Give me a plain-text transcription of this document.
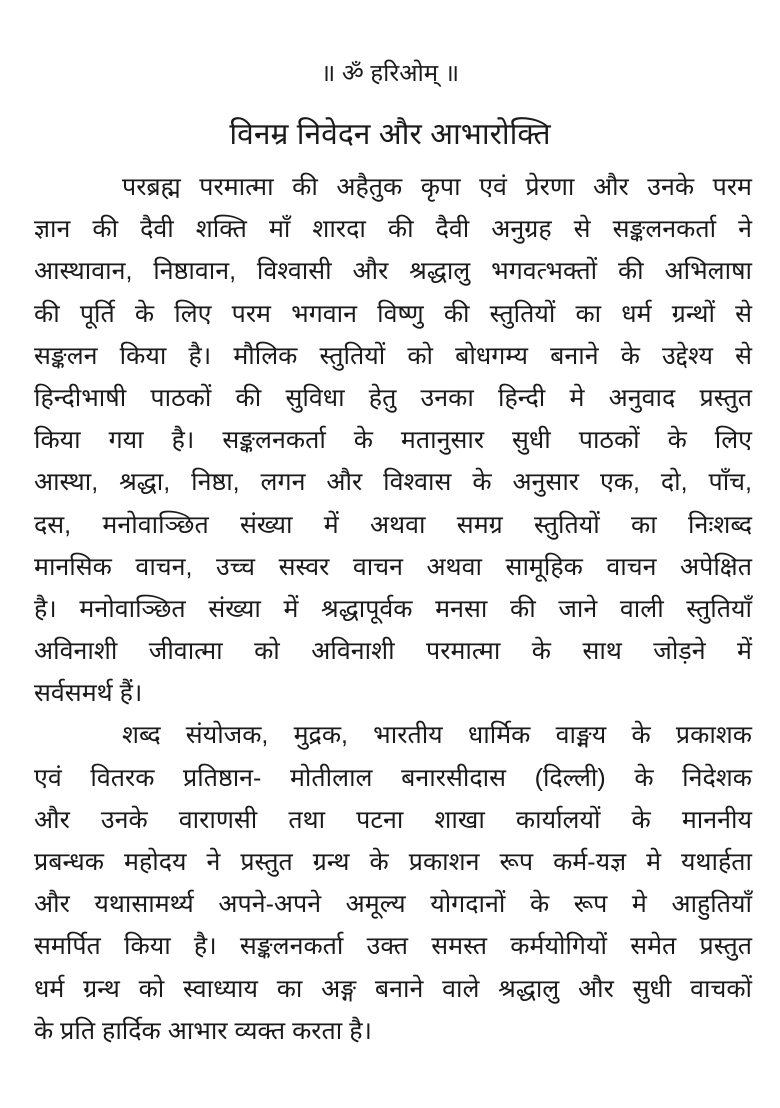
॥ ॐ हरिओम् ॥
विनम्र निवेदन और आभारोक्ति
परब्रह्म परमात्मा की अहैतुक कृपा एवं प्रेरणा और उनके परम
ज्ञान की दैवी शक्ति माँ शारदा की दैवी अनुग्रह से सङ्कलनकर्ता ने
आस्थावान, निष्ठावान, विश्वासी और श्रद्धालु भगवत्भक्तों की अभिलाषा
की पूर्ति के लिए परम भगवान विष्णु की स्तुतियों का धर्म ग्रन्थों से
सङ्कलन किया है। मौलिक स्तुतियों को बोधगम्य बनाने के उद्देश्य से
हिन्दीभाषी पाठकों की सुविधा हेतु उनका हिन्दी मे अनुवाद प्रस्तुत
किया गया है। सङ्कलनकर्ता के मतानुसार सुधी पाठकों के लिए
आस्था, श्रद्धा, निष्ठा, लगन और विश्वास के अनुसार एक, दो, पाँच,
दस, मनोवाञ्छित संख्या में अथवा समग्र स्तुतियों का निःशब्द
मानसिक वाचन, उच्च सस्वर वाचन अथवा सामूहिक वाचन अपेक्षित
है। मनोवाञ्छित संख्या में श्रद्धापूर्वक मनसा की जाने वाली स्तुतियाँ
अविनाशी जीवात्मा को अविनाशी परमात्मा के साथ जोड़ने में
सर्वसमर्थ हैं।
शब्द संयोजक, मुद्रक, भारतीय धार्मिक वाङ्मय के प्रकाशक
एवं वितरक प्रतिष्ठान- मोतीलाल बनारसीदास (दिल्ली) के निदेशक
और उनके वाराणसी तथा पटना शाखा कार्यालयों के माननीय
प्रबन्धक महोदय ने प्रस्तुत ग्रन्थ के प्रकाशन रूप कर्म-यज्ञ मे यथार्हता
और यथासामर्थ्य अपने-अपने अमूल्य योगदानों के रूप मे आहुतियाँ
समर्पित किया है। सङ्कलनकर्ता उक्त समस्त कर्मयोगियों समेत प्रस्तुत
धर्म ग्रन्थ को स्वाध्याय का अङ्ग बनाने वाले श्रद्धालु और सुधी वाचकों
के प्रति हार्दिक आभार व्यक्त करता है।
